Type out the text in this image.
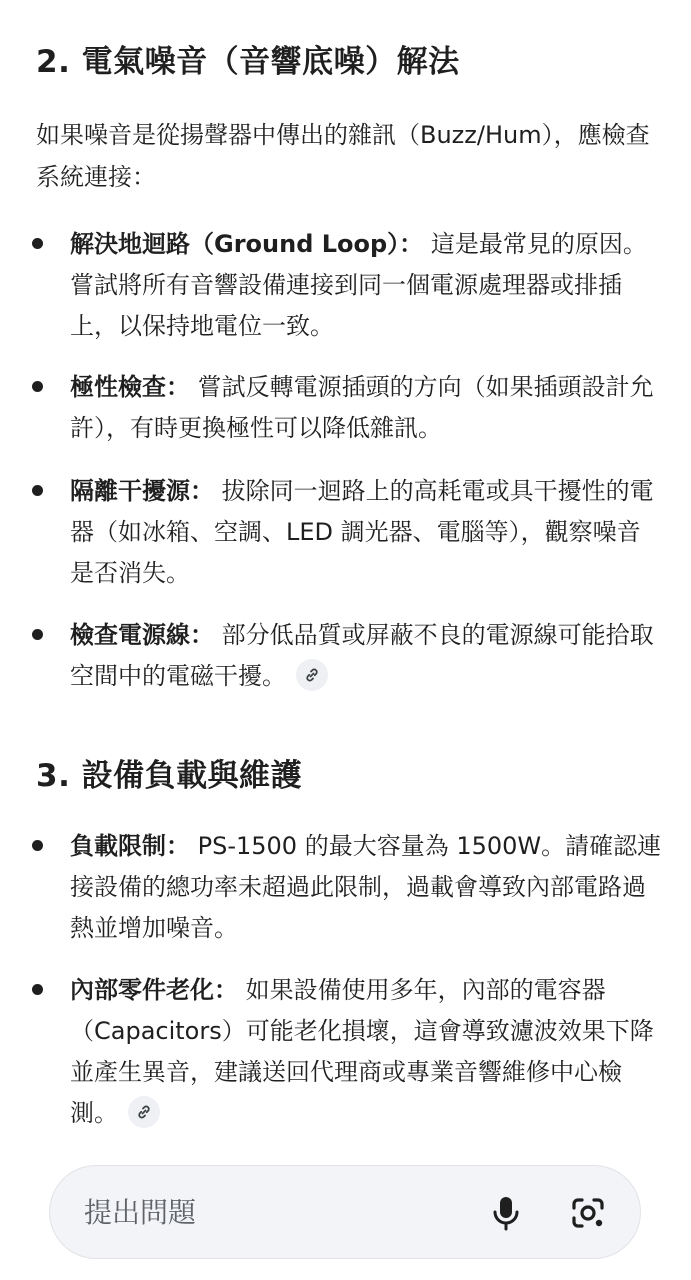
2. 電氣噪音（音響底噪）解法

如果噪音是從揚聲器中傳出的雜訊（Buzz/Hum），應檢查系統連接：

解決地迴路（Ground Loop）： 這是最常見的原因。嘗試將所有音響設備連接到同一個電源處理器或排插上，以保持地電位一致。
極性檢查： 嘗試反轉電源插頭的方向（如果插頭設計允許），有時更換極性可以降低雜訊。
隔離干擾源： 拔除同一迴路上的高耗電或具干擾性的電器（如冰箱、空調、LED 調光器、電腦等），觀察噪音是否消失。
檢查電源線： 部分低品質或屏蔽不良的電源線可能拾取空間中的電磁干擾。
3. 設備負載與維護
負載限制： PS-1500 的最大容量為 1500W。請確認連接設備的總功率未超過此限制，過載會導致內部電路過熱並增加噪音。
內部零件老化： 如果設備使用多年，內部的電容器（Capacitors）可能老化損壞，這會導致濾波效果下降並產生異音，建議送回代理商或專業音響維修中心檢測。
提出問題
